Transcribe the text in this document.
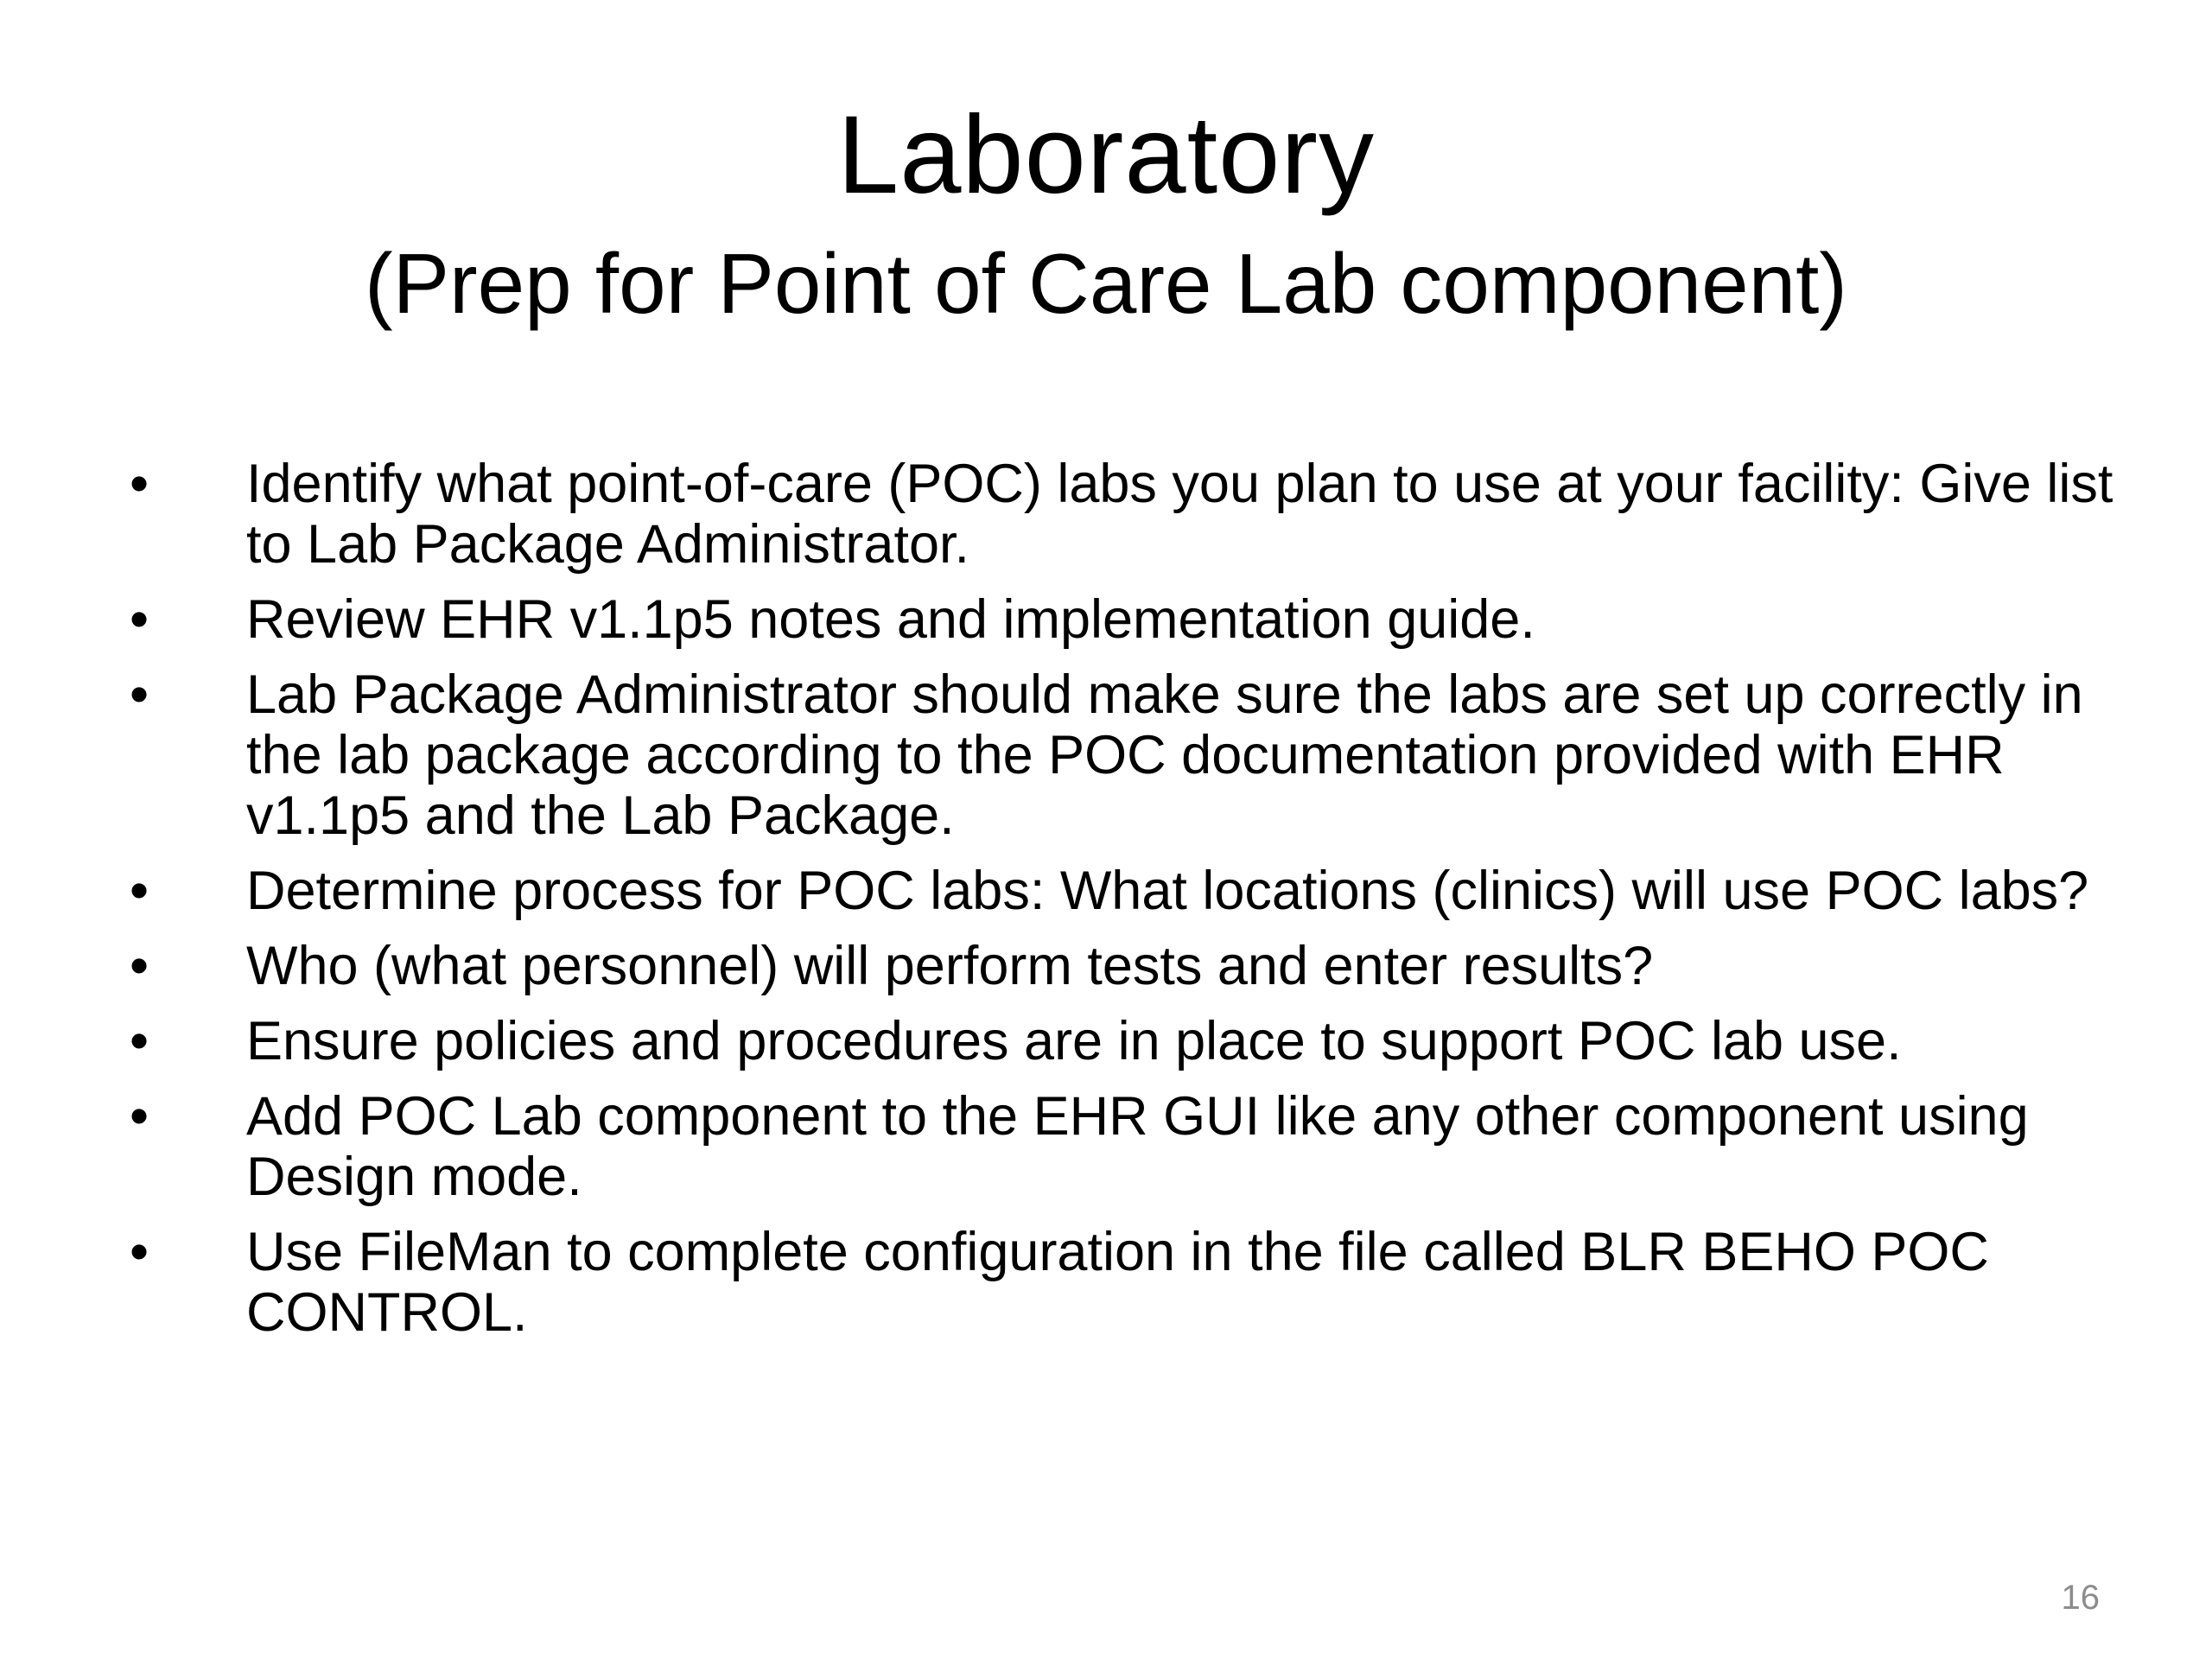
Laboratory
(Prep for Point of Care Lab component)
• Identify what point-of-care (POC) labs you plan to use at your facility: Give list to Lab Package Administrator.
• Review EHR v1.1p5 notes and implementation guide.
• Lab Package Administrator should make sure the labs are set up correctly in the lab package according to the POC documentation provided with EHR v1.1p5 and the Lab Package.
• Determine process for POC labs: What locations (clinics) will use POC labs?
• Who (what personnel) will perform tests and enter results?
• Ensure policies and procedures are in place to support POC lab use.
• Add POC Lab component to the EHR GUI like any other component using Design mode.
• Use FileMan to complete configuration in the file called BLR BEHO POC CONTROL.
16
